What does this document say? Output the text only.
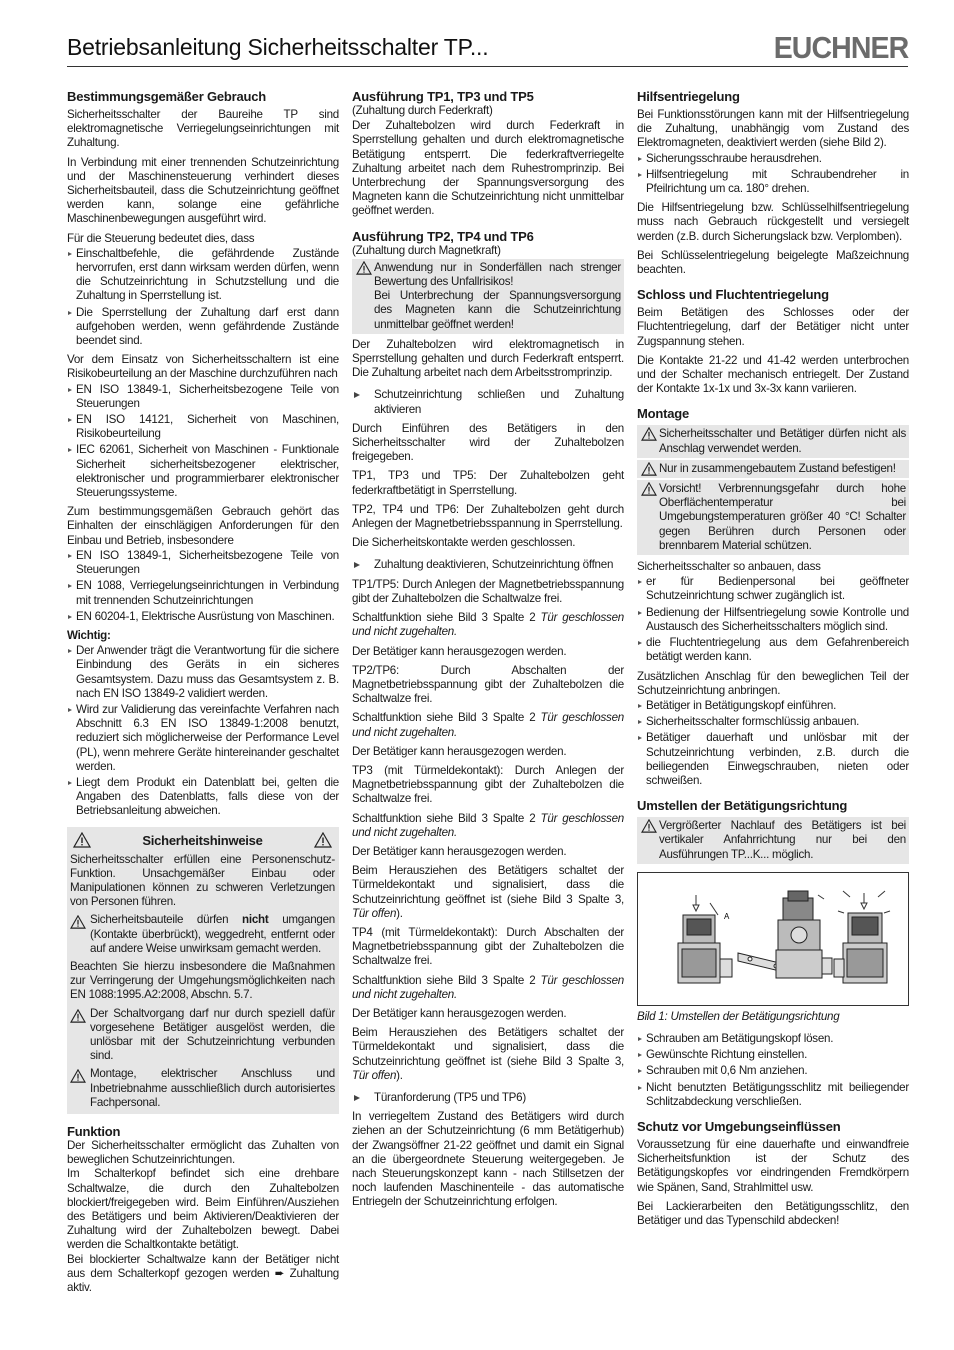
Betriebsanleitung Sicherheitsschalter TP...	EUCHNER
Bestimmungsgemäßer Gebrauch

Sicherheitsschalter der Baureihe TP sind elektromagnetische Verriegelungseinrichtungen mit Zuhaltung.

In Verbindung mit einer trennenden Schutzeinrichtung und der Maschinensteuerung verhindert dieses Sicherheitsbauteil, dass die Schutzeinrichtung geöffnet werden kann, solange eine gefährliche Maschinenbewegungen ausgeführt wird.

Für die Steuerung bedeutet dies, dass

Einschaltbefehle, die gefährdende Zustände hervorrufen, erst dann wirksam werden dürfen, wenn die Schutzeinrichtung in Schutzstellung und die Zuhaltung in Sperrstellung ist.
Die Sperrstellung der Zuhaltung darf erst dann aufgehoben werden, wenn gefährdende Zustände beendet sind.

Vor dem Einsatz von Sicherheitsschaltern ist eine Risikobeurteilung an der Maschine durchzuführen nach

EN ISO 13849-1, Sicherheitsbezogene Teile von Steuerungen
EN ISO 14121, Sicherheit von Maschinen, Risikobeurteilung
IEC 62061, Sicherheit von Maschinen - Funktionale Sicherheit sicherheitsbezogener elektrischer, elektronischer und programmierbarer elektronischer Steuerungssysteme.

Zum bestimmungsgemäßen Gebrauch gehört das Einhalten der einschlägigen Anforderungen für den Einbau und Betrieb, insbesondere

EN ISO 13849-1, Sicherheitsbezogene Teile von Steuerungen
EN 1088, Verriegelungseinrichtungen in Verbindung mit trennenden Schutzeinrichtungen
EN 60204-1, Elektrische Ausrüstung von Maschinen.

Wichtig:

Der Anwender trägt die Verantwortung für die sichere Einbindung des Geräts in ein sicheres Gesamtsystem. Dazu muss das Gesamtsystem z. B. nach EN ISO 13849-2 validiert werden.
Wird zur Validierung das vereinfachte Verfahren nach Abschnitt 6.3 EN ISO 13849-1:2008 benutzt, reduziert sich möglicherweise der Performance Level (PL), wenn mehrere Geräte hintereinander geschaltet werden.
Liegt dem Produkt ein Datenblatt bei, gelten die Angaben des Datenblatts, falls diese von der Betriebsanleitung abweichen.
Sicherheitshinweise

Sicherheitsschalter erfüllen eine Personenschutz-Funktion. Unsachgemäßer Einbau oder Manipulationen können zu schweren Verletzungen von Personen führen.

Sicherheitsbauteile dürfen nicht umgangen (Kontakte überbrückt), weggedreht, entfernt oder auf andere Weise unwirksam gemacht werden.

Beachten Sie hierzu insbesondere die Maßnahmen zur Verringerung der Umgehungsmöglichkeiten nach EN 1088:1995.A2:2008, Abschn. 5.7.

Der Schaltvorgang darf nur durch speziell dafür vorgesehene Betätiger ausgelöst werden, die unlösbar mit der Schutzeinrichtung verbunden sind.
Montage, elektrischer Anschluss und Inbetriebnahme ausschließlich durch autorisiertes Fachpersonal.
Funktion

Der Sicherheitsschalter ermöglicht das Zuhalten von beweglichen Schutzeinrichtungen.

Im Schalterkopf befindet sich eine drehbare Schaltwalze, die durch den Zuhaltebolzen blockiert/freigegeben wird. Beim Einführen/Ausziehen des Betätigers und beim Aktivieren/Deaktivieren der Zuhaltung wird der Zuhaltebolzen bewegt. Dabei werden die Schaltkontakte betätigt.

Bei blockierter Schaltwalze kann der Betätiger nicht aus dem Schalterkopf gezogen werden ➨ Zuhaltung aktiv.

Ausführung TP1, TP3 und TP5

(Zuhaltung durch Federkraft)

Der Zuhaltebolzen wird durch Federkraft in Sperrstellung gehalten und durch elektromagnetische Betätigung entsperrt. Die federkraftverriegelte Zuhaltung arbeitet nach dem Ruhestromprinzip. Bei Unterbrechung der Spannungsversorgung des Magneten kann die Schutzeinrichtung nicht unmittelbar geöffnet werden.

Ausführung TP2, TP4 und TP6

(Zuhaltung durch Magnetkraft)

Anwendung nur in Sonderfällen nach strenger Bewertung des Unfallrisikos!
Bei Unterbrechung der Spannungsversorgung des Magneten kann die Schutzeinrichtung unmittelbar geöffnet werden!

Der Zuhaltebolzen wird elektromagnetisch in Sperrstellung gehalten und durch Federkraft entsperrt. Die Zuhaltung arbeitet nach dem Arbeitsstromprinzip.

Schutzeinrichtung schließen und Zuhaltung aktivieren

Durch Einführen des Betätigers in den Sicherheitsschalter wird der Zuhaltebolzen freigegeben.

TP1, TP3 und TP5: Der Zuhaltebolzen geht federkraftbetätigt in Sperrstellung.

TP2, TP4 und TP6: Der Zuhaltebolzen geht durch Anlegen der Magnetbetriebsspannung in Sperrstellung.

Die Sicherheitskontakte werden geschlossen.

Zuhaltung deaktivieren, Schutzeinrichtung öffnen

TP1/TP5: Durch Anlegen der Magnetbetriebsspannung gibt der Zuhaltebolzen die Schaltwalze frei.

Schaltfunktion siehe Bild 3 Spalte 2 Tür geschlossen und nicht zugehalten.

Der Betätiger kann herausgezogen werden.

TP2/TP6: Durch Abschalten der Magnetbetriebsspannung gibt der Zuhaltebolzen die Schaltwalze frei.

Schaltfunktion siehe Bild 3 Spalte 2 Tür geschlossen und nicht zugehalten.

Der Betätiger kann herausgezogen werden.

TP3 (mit Türmeldekontakt): Durch Anlegen der Magnetbetriebsspannung gibt der Zuhaltebolzen die Schaltwalze frei.

Schaltfunktion siehe Bild 3 Spalte 2 Tür geschlossen und nicht zugehalten.

Der Betätiger kann herausgezogen werden.

Beim Herausziehen des Betätigers schaltet der Türmeldekontakt und signalisiert, dass die Schutzeinrichtung geöffnet ist (siehe Bild 3 Spalte 3, Tür offen).

TP4 (mit Türmeldekontakt): Durch Abschalten der Magnetbetriebsspannung gibt der Zuhaltebolzen die Schaltwalze frei.

Schaltfunktion siehe Bild 3 Spalte 2 Tür geschlossen und nicht zugehalten.

Der Betätiger kann herausgezogen werden.

Beim Herausziehen des Betätigers schaltet der Türmeldekontakt und signalisiert, dass die Schutzeinrichtung geöffnet ist (siehe Bild 3 Spalte 3, Tür offen).

Türanforderung (TP5 und TP6)

In verriegeltem Zustand des Betätigers wird durch ziehen an der Schutzeinrichtung (6 mm Betätigerhub) der Zwangsöffner 21-22 geöffnet und damit ein Signal an die übergeordnete Steuerung weitergegeben. Je nach Steuerungskonzept kann - nach Stillsetzen der noch laufenden Maschinenteile - das automatische Entriegeln der Schutzeinrichtung erfolgen.

Hilfsentriegelung

Bei Funktionsstörungen kann mit der Hilfsentriegelung die Zuhaltung, unabhängig vom Zustand des Elektromagneten, deaktiviert werden (siehe Bild 2).

Sicherungsschraube herausdrehen.
Hilfsentriegelung mit Schraubendreher in Pfeilrichtung um ca. 180° drehen.

Die Hilfsentriegelung bzw. Schlüsselhilfsentriegelung muss nach Gebrauch rückgestellt und versiegelt werden (z.B. durch Sicherungslack bzw. Verplomben).

Bei Schlüsselentriegelung beigelegte Maßzeichnung beachten.

Schloss und Fluchtentriegelung

Beim Betätigen des Schlosses oder der Fluchtentriegelung, darf der Betätiger nicht unter Zugspannung stehen.

Die Kontakte 21-22 und 41-42 werden unterbrochen und der Schalter mechanisch entriegelt. Der Zustand der Kontakte 1x-1x und 3x-3x kann variieren.

Montage
Sicherheitsschalter und Betätiger dürfen nicht als Anschlag verwendet werden.
Nur in zusammengebautem Zustand befestigen!
Vorsicht! Verbrennungsgefahr durch hohe Oberflächentemperatur bei Umgebungstemperaturen größer 40 °C! Schalter gegen Berühren durch Personen oder brennbarem Material schützen.

Sicherheitsschalter so anbauen, dass

er für Bedienpersonal bei geöffneter Schutzeinrichtung schwer zugänglich ist.
Bedienung der Hilfsentriegelung sowie Kontrolle und Austausch des Sicherheitsschalters möglich sind.
die Fluchtentriegelung aus dem Gefahrenbereich betätigt werden kann.

Zusätzlichen Anschlag für den beweglichen Teil der Schutzeinrichtung anbringen.

Betätiger in Betätigungskopf einführen.
Sicherheitsschalter formschlüssig anbauen.
Betätiger dauerhaft und unlösbar mit der Schutzeinrichtung verbinden, z.B. durch die beiliegenden Einwegschrauben, nieten oder schweißen.
Umstellen der Betätigungsrichtung
Vergrößerter Nachlauf des Betätigers ist bei vertikaler Anfahrrichtung nur bei den Ausführungen TP...K... möglich.
A

Bild 1: Umstellen der Betätigungsrichtung

Schrauben am Betätigungskopf lösen.
Gewünschte Richtung einstellen.
Schrauben mit 0,6 Nm anziehen.
Nicht benutzten Betätigungsschlitz mit beiliegender Schlitzabdeckung verschließen.
Schutz vor Umgebungseinflüssen

Voraussetzung für eine dauerhafte und einwandfreie Sicherheitsfunktion ist der Schutz des Betätigungskopfes vor eindringenden Fremdkörpern wie Spänen, Sand, Strahlmittel usw.

Bei Lackierarbeiten den Betätigungsschlitz, den Betätiger und das Typenschild abdecken!
